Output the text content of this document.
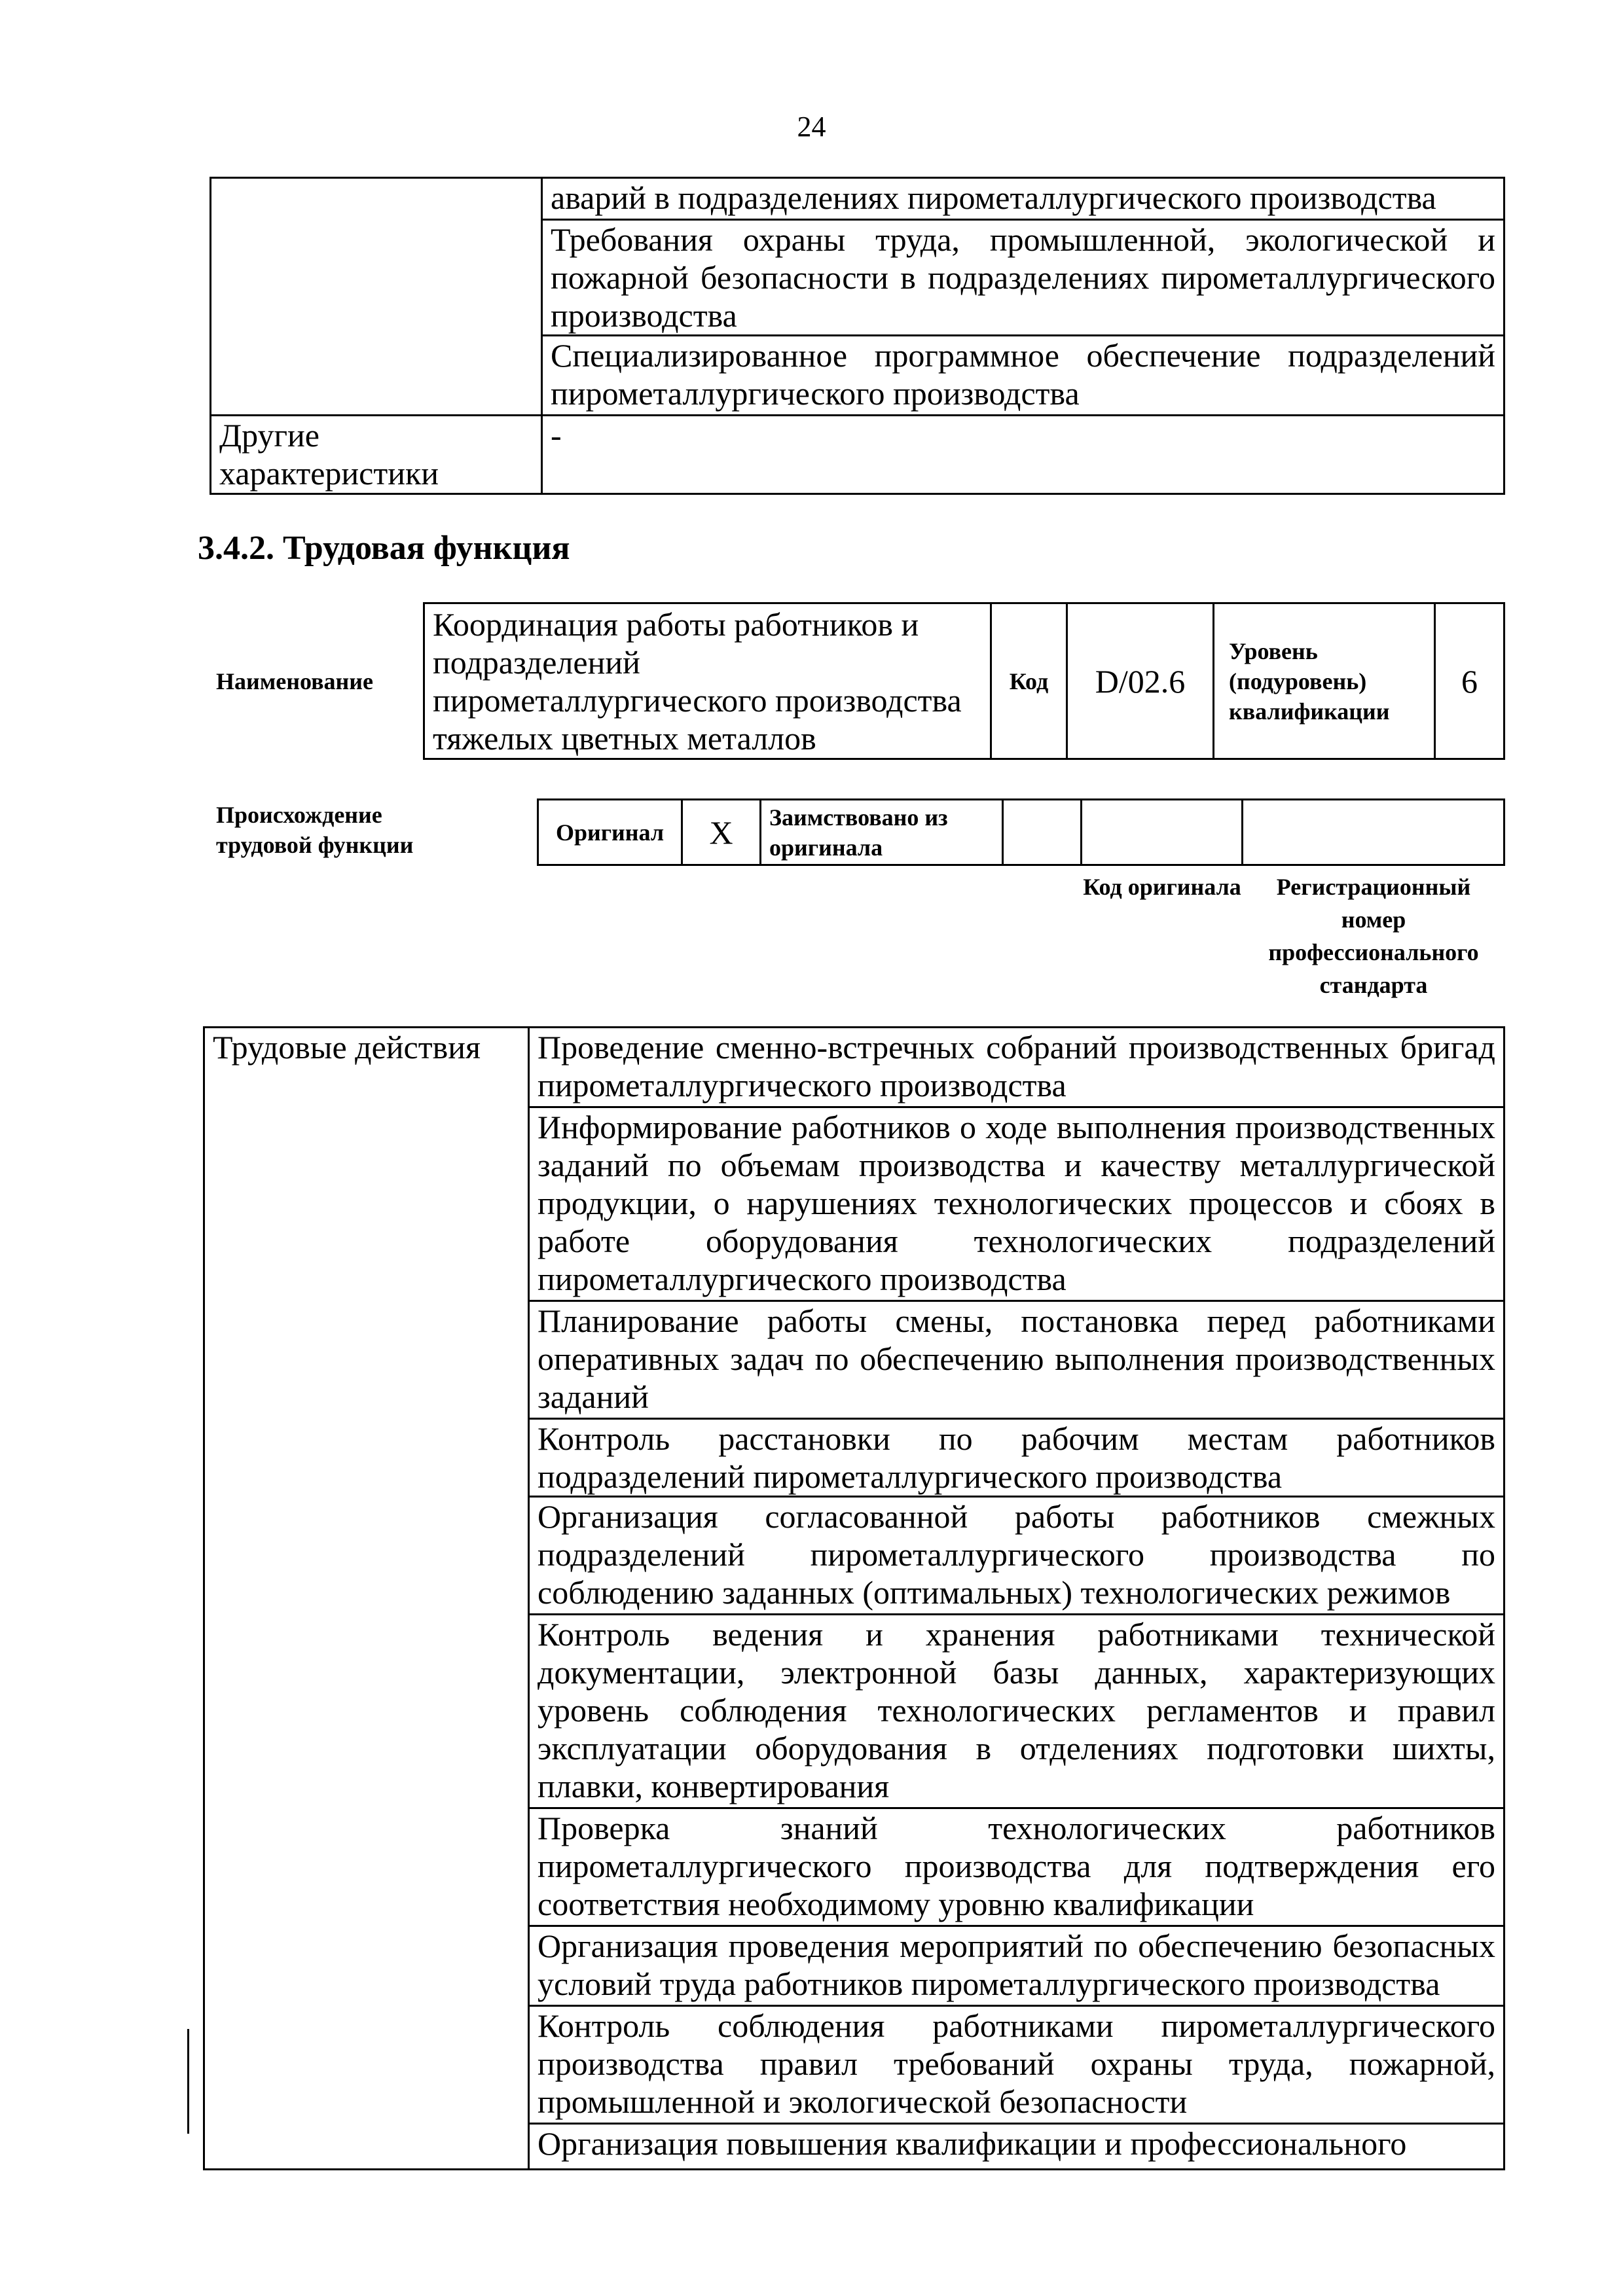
24
	аварий в подразделениях пирометаллургического производства
	Требования охраны труда, промышленной, экологической и пожарной безопасности в подразделениях пирометаллургического производства
	Специализированное программное обеспечение подразделений пирометаллургического производства
Другие характеристики	-
3.4.2. Трудовая функция
Наименование
Координация работы работников и подразделений пирометаллургического производства тяжелых цветных металлов	Код	D/02.6	Уровень (подуровень) квалификации	6
Происхождение трудовой функции	Оригинал	X	Заимствовано из оригинала			
Код оригинала	Регистрационный номер профессионального стандарта
Трудовые действия	Проведение сменно-встречных собраний производственных бригад пирометаллургического производства
Информирование работников о ходе выполнения производственных заданий по объемам производства и качеству металлургической продукции, о нарушениях технологических процессов и сбоях в работе оборудования технологических подразделений пирометаллургического производства
Планирование работы смены, постановка перед работниками оперативных задач по обеспечению выполнения производственных заданий
Контроль расстановки по рабочим местам работников подразделений пирометаллургического производства
Организация согласованной работы работников смежных подразделений пирометаллургического производства по соблюдению заданных (оптимальных) технологических режимов
Контроль ведения и хранения работниками технической документации, электронной базы данных, характеризующих уровень соблюдения технологических регламентов и правил эксплуатации оборудования в отделениях подготовки шихты, плавки, конвертирования
Проверка знаний технологических работников пирометаллургического производства для подтверждения его соответствия необходимому уровню квалификации
Организация проведения мероприятий по обеспечению безопасных условий труда работников пирометаллургического производства
Контроль соблюдения работниками пирометаллургического производства правил требований охраны труда, пожарной, промышленной и экологической безопасности
Организация повышения квалификации и профессионального
